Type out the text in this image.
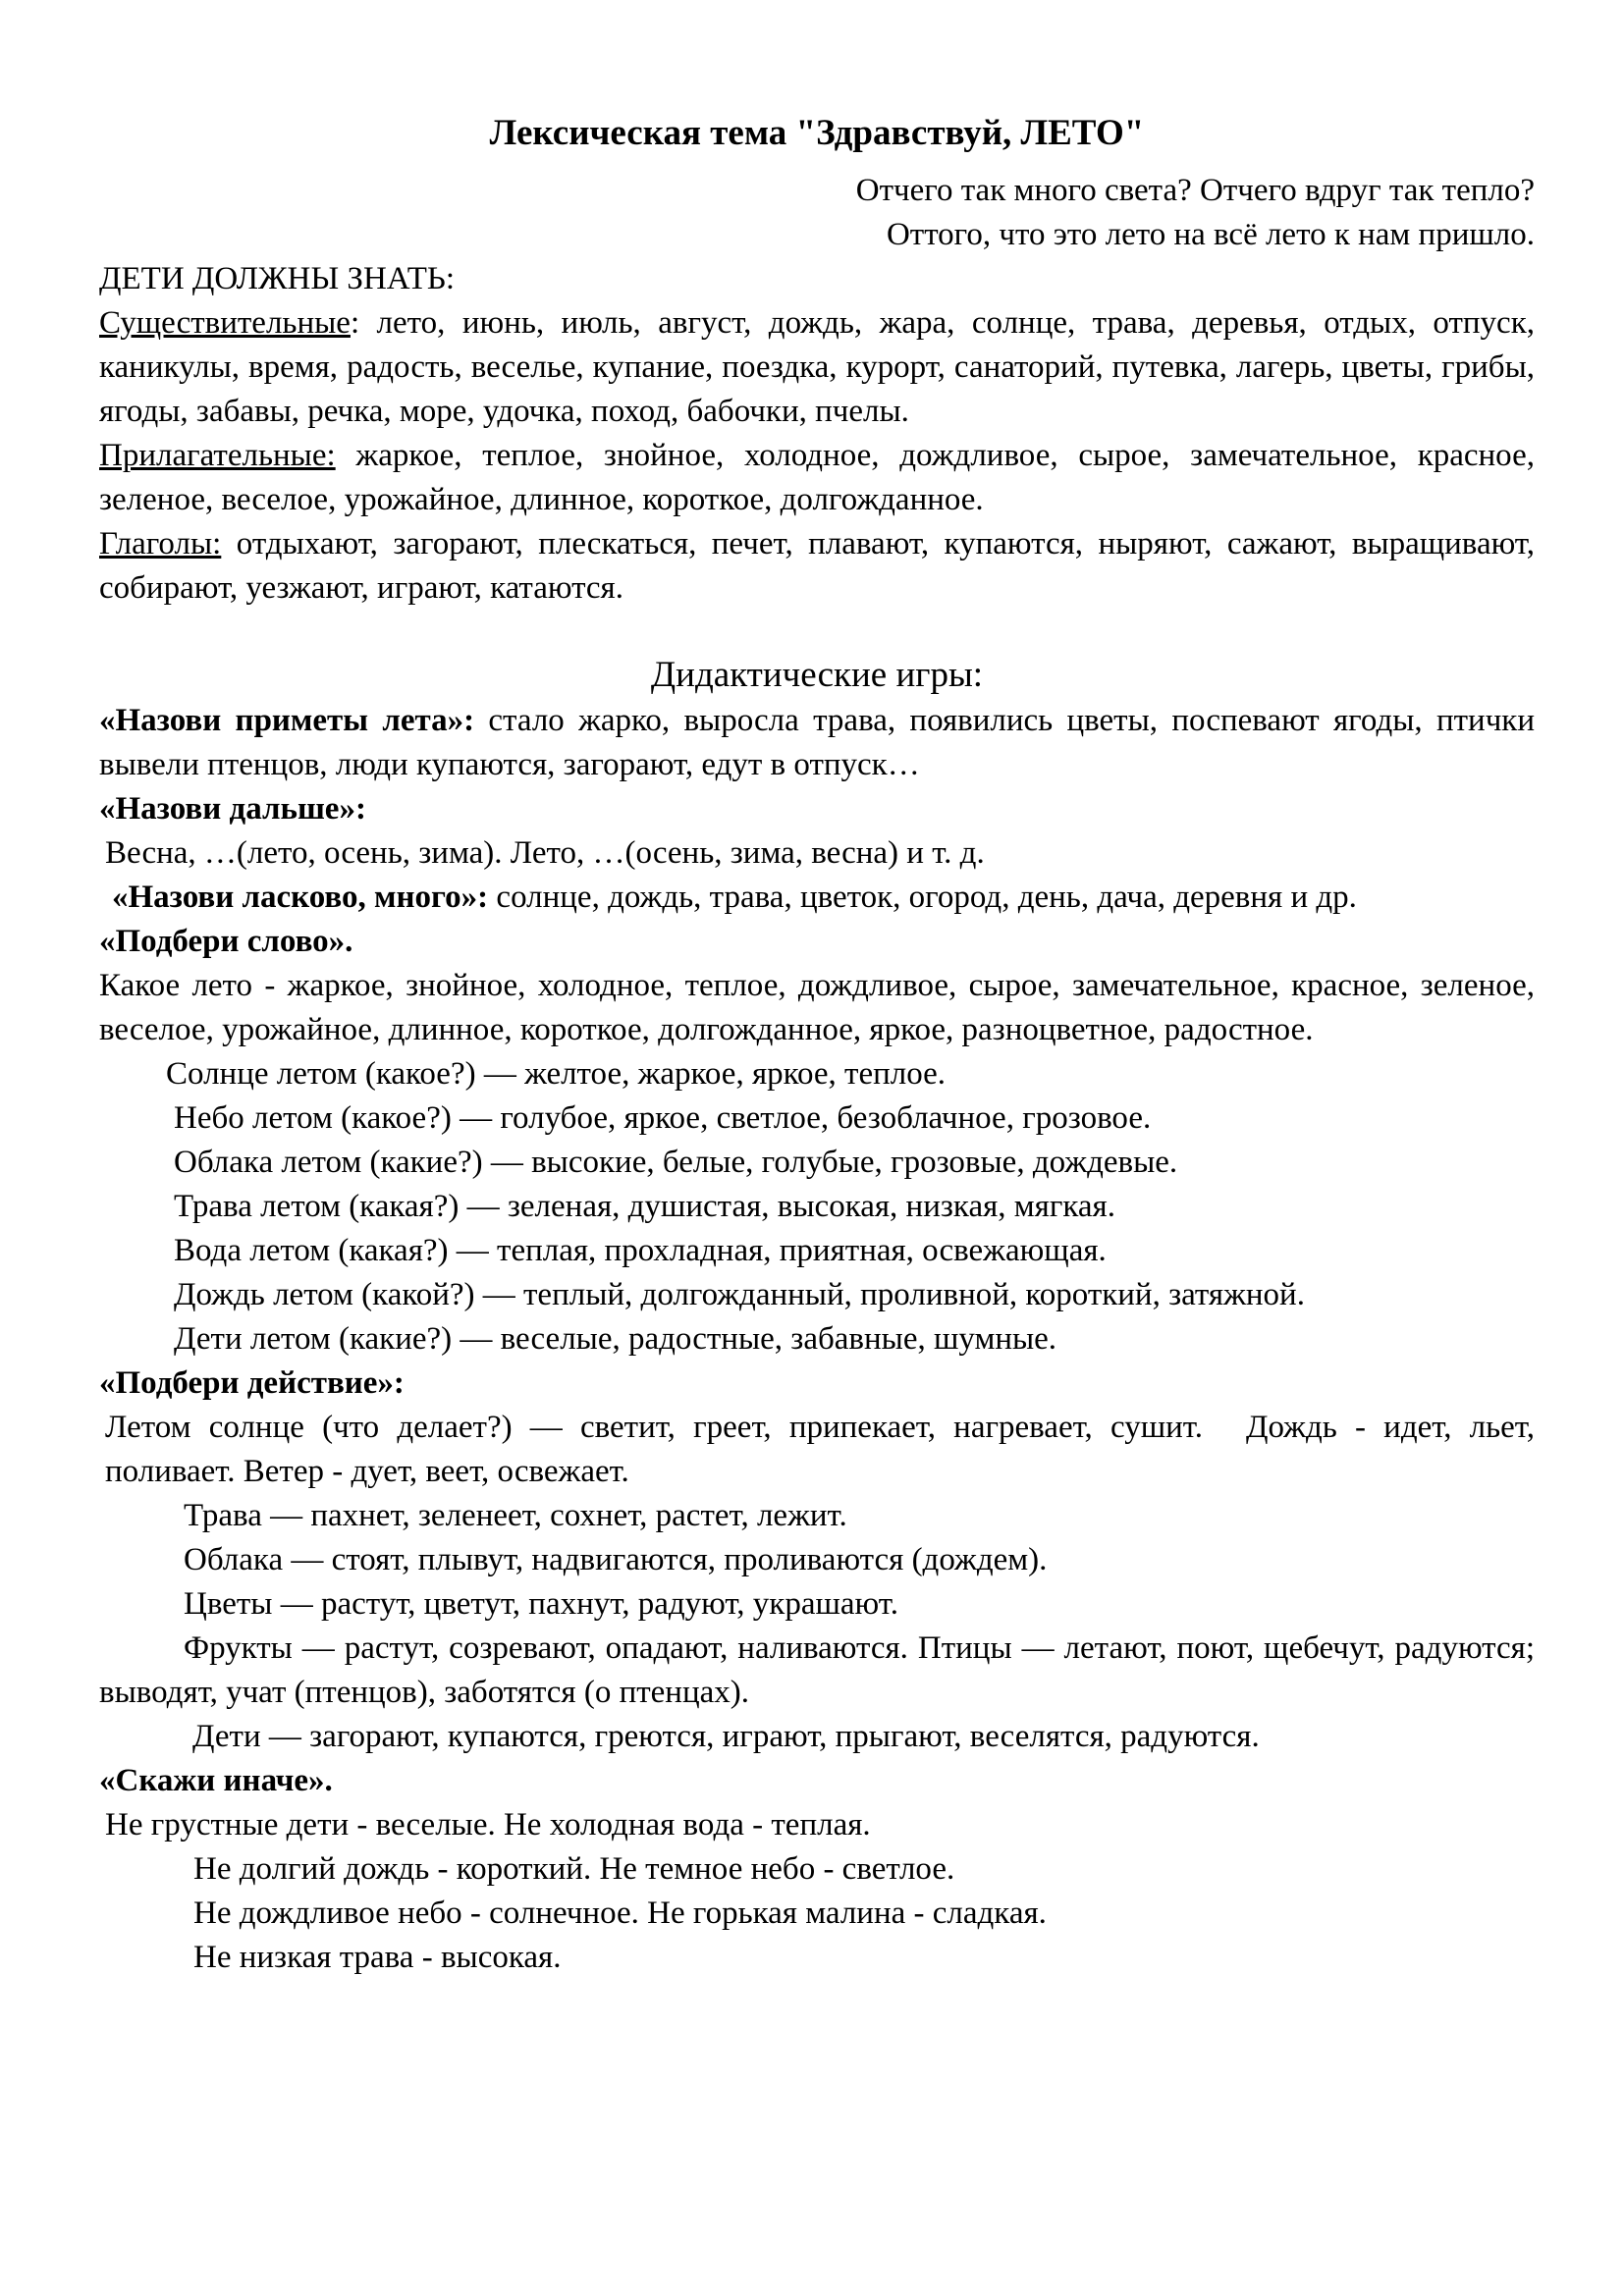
Лексическая тема "Здравствуй, ЛЕТО"

Отчего так много света? Отчего вдруг так тепло?

Оттого, что это лето на всё лето к нам пришло.

ДЕТИ ДОЛЖНЫ ЗНАТЬ:

Существительные: лето, июнь, июль, август, дождь, жара, солнце, трава, деревья, отдых, отпуск, каникулы, время, радость, веселье, купание, поездка, курорт, санаторий, путевка, лагерь, цветы, грибы, ягоды, забавы, речка, море, удочка, поход, бабочки, пчелы.

Прилагательные: жаркое, теплое, знойное, холодное, дождливое, сырое, замечательное, красное, зеленое, веселое, урожайное, длинное, короткое, долгожданное.

Глаголы: отдыхают, загорают, плескаться, печет, плавают, купаются, ныряют, сажают, выращивают, собирают, уезжают, играют, катаются.

Дидактические игры:

«Назови приметы лета»: стало жарко, выросла трава, появились цветы, поспевают ягоды, птички вывели птенцов, люди купаются, загорают, едут в отпуск…

«Назови дальше»:

Весна, …(лето, осень, зима). Лето, …(осень, зима, весна) и т. д.

«Назови ласково, много»: солнце, дождь, трава, цветок, огород, день, дача, деревня и др.

«Подбери слово».

Какое лето - жаркое, знойное, холодное, теплое, дождливое, сырое, замечательное, красное, зеленое, веселое, урожайное, длинное, короткое, долгожданное, яркое, разноцветное, радостное.

Солнце летом (какое?) — желтое, жаркое, яркое, теплое.

Небо летом (какое?) — голубое, яркое, светлое, безоблачное, грозовое.

Облака летом (какие?) — высокие, белые, голубые, грозовые, дождевые.

Трава летом (какая?) — зеленая, душистая, высокая, низкая, мягкая.

Вода летом (какая?) — теплая, прохладная, приятная, освежающая.

Дождь летом (какой?) — теплый, долгожданный, проливной, короткий, затяжной.

Дети летом (какие?) — веселые, радостные, забавные, шумные.

«Подбери действие»:

Летом солнце (что делает?) — светит, греет, припекает, нагревает, сушит. Дождь - идет, льет, поливает. Ветер - дует, веет, освежает.

Трава — пахнет, зеленеет, сохнет, растет, лежит.

Облака — стоят, плывут, надвигаются, проливаются (дождем).

Цветы — растут, цветут, пахнут, радуют, украшают.

Фрукты — растут, созревают, опадают, наливаются. Птицы — летают, поют, щебечут, радуются; выводят, учат (птенцов), заботятся (о птенцах).

Дети — загорают, купаются, греются, играют, прыгают, веселятся, радуются.

«Скажи иначе».

Не грустные дети - веселые. Не холодная вода - теплая.

Не долгий дождь - короткий. Не темное небо - светлое.

Не дождливое небо - солнечное. Не горькая малина - сладкая.

Не низкая трава - высокая.
